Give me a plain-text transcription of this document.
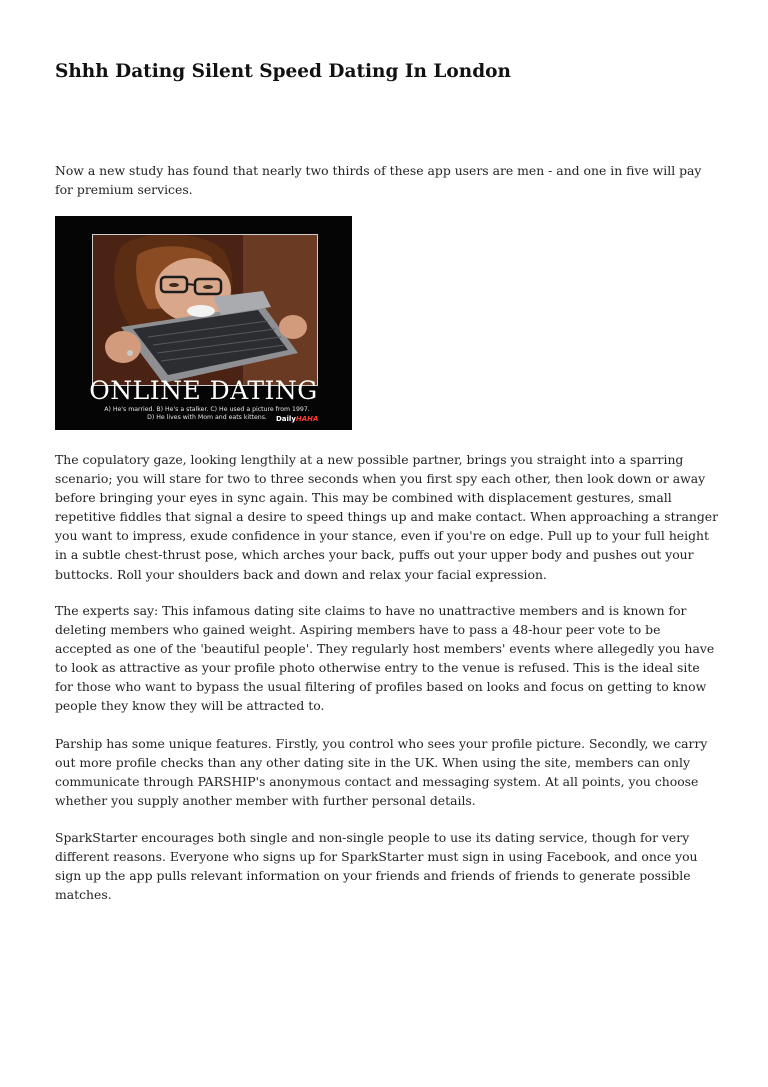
Shhh Dating Silent Speed Dating In London

Now a new study has found that nearly two thirds of these app users are men - and one in five will pay for premium services.

ONLINE DATING
A) He's married. B) He's a stalker. C) He used a picture from 1997.
D) He lives with Mom and eats kittens.	DailyHAHA

The copulatory gaze, looking lengthily at a new possible partner, brings you straight into a sparring scenario; you will stare for two to three seconds when you first spy each other, then look down or away before bringing your eyes in sync again. This may be combined with displacement gestures, small repetitive fiddles that signal a desire to speed things up and make contact. When approaching a stranger you want to impress, exude confidence in your stance, even if you're on edge. Pull up to your full height in a subtle chest-thrust pose, which arches your back, puffs out your upper body and pushes out your buttocks. Roll your shoulders back and down and relax your facial expression.

The experts say: This infamous dating site claims to have no unattractive members and is known for deleting members who gained weight. Aspiring members have to pass a 48-hour peer vote to be accepted as one of the 'beautiful people'. They regularly host members' events where allegedly you have to look as attractive as your profile photo otherwise entry to the venue is refused. This is the ideal site for those who want to bypass the usual filtering of profiles based on looks and focus on getting to know people they know they will be attracted to.

Parship has some unique features. Firstly, you control who sees your profile picture. Secondly, we carry out more profile checks than any other dating site in the UK. When using the site, members can only communicate through PARSHIP's anonymous contact and messaging system. At all points, you choose whether you supply another member with further personal details.

SparkStarter encourages both single and non-single people to use its dating service, though for very different reasons. Everyone who signs up for SparkStarter must sign in using Facebook, and once you sign up the app pulls relevant information on your friends and friends of friends to generate possible matches.
